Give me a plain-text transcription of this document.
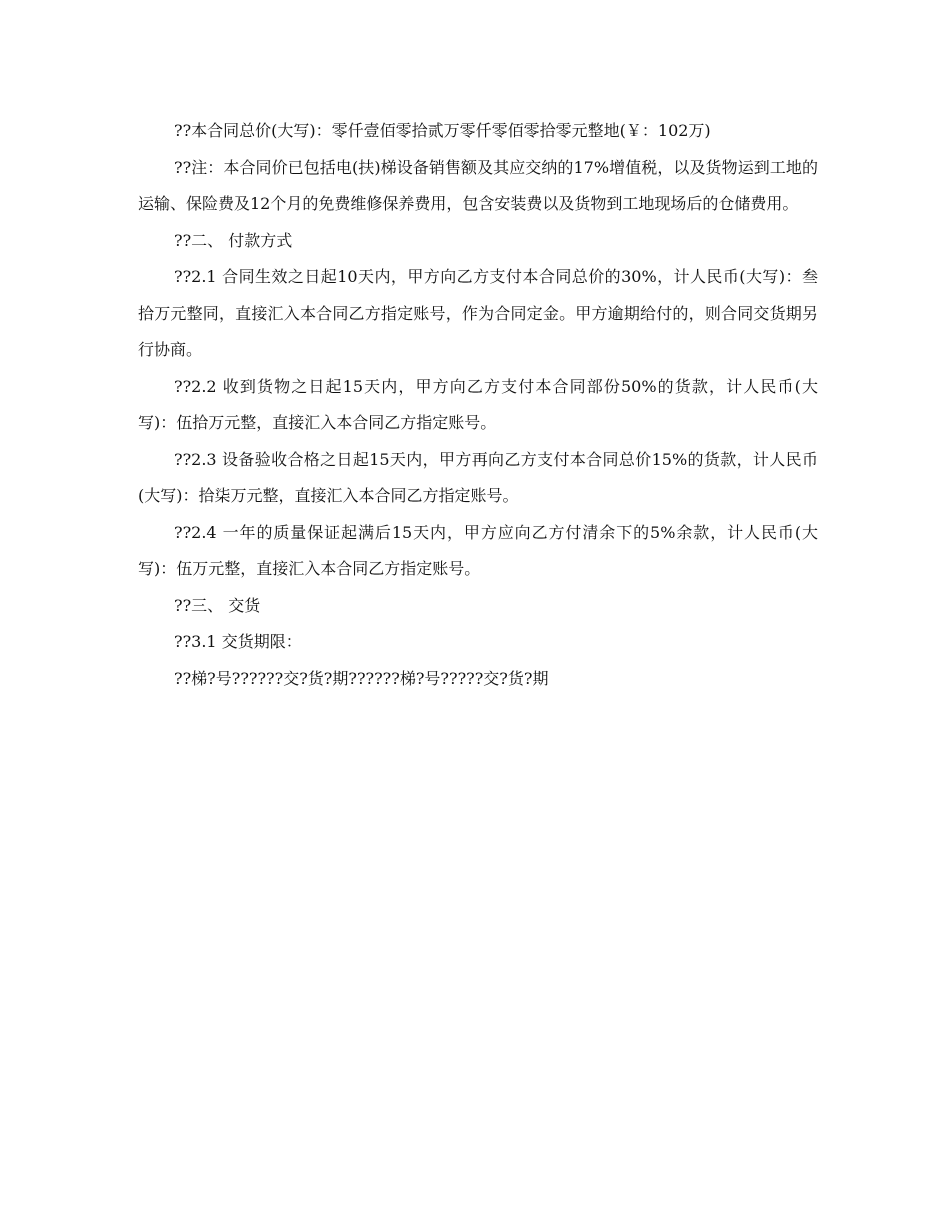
??本合同总价(大写)：零仟壹佰零拾贰万零仟零佰零拾零元整地(￥：102万)

??注：本合同价已包括电(扶)梯设备销售额及其应交纳的17%增值税，以及货物运到工地的运输、保险费及12个月的免费维修保养费用，包含安装费以及货物到工地现场后的仓储费用。

??二、 付款方式

??2.1 合同生效之日起10天内，甲方向乙方支付本合同总价的30%，计人民币(大写)：叁拾万元整同，直接汇入本合同乙方指定账号，作为合同定金。甲方逾期给付的，则合同交货期另行协商。

??2.2 收到货物之日起15天内，甲方向乙方支付本合同部份50%的货款，计人民币(大写)：伍拾万元整，直接汇入本合同乙方指定账号。

??2.3 设备验收合格之日起15天内，甲方再向乙方支付本合同总价15%的货款，计人民币(大写)：拾柒万元整，直接汇入本合同乙方指定账号。

??2.4 一年的质量保证起满后15天内，甲方应向乙方付清余下的5%余款，计人民币(大写)：伍万元整，直接汇入本合同乙方指定账号。

??三、 交货

??3.1 交货期限：

??梯?号??????交?货?期??????梯?号?????交?货?期
